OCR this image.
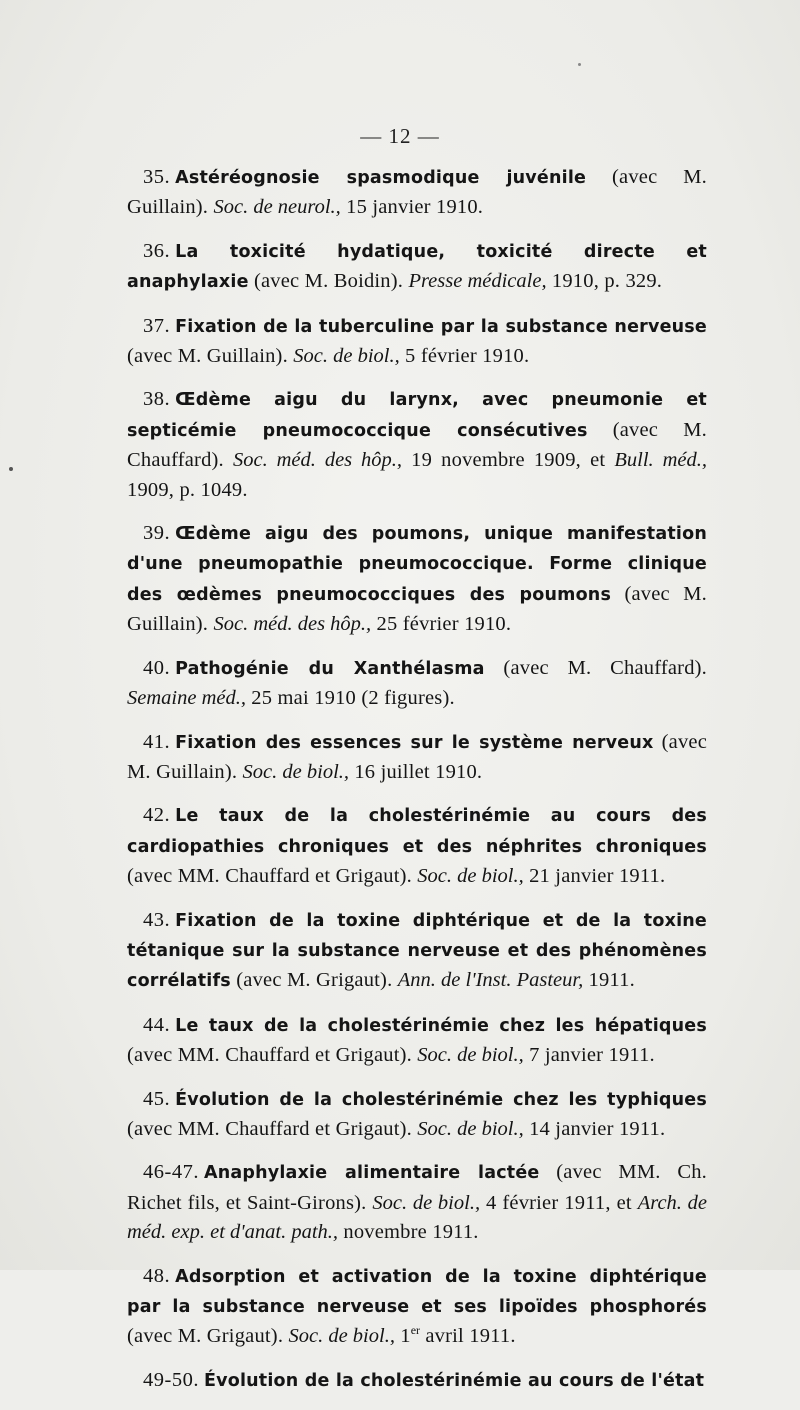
— 12 —

35. Astéréognosie spasmodique juvénile (avec M. Guillain). Soc. de neurol., 15 janvier 1910.

36. La toxicité hydatique, toxicité directe et anaphylaxie (avec M. Boidin). Presse médicale, 1910, p. 329.

37. Fixation de la tuberculine par la substance nerveuse (avec M. Guillain). Soc. de biol., 5 février 1910.

38. Œdème aigu du larynx, avec pneumonie et septicémie pneumococcique consécutives (avec M. Chauffard). Soc. méd. des hôp., 19 novembre 1909, et Bull. méd., 1909, p. 1049.

39. Œdème aigu des poumons, unique manifestation d'une pneumopathie pneumococcique. Forme clinique des œdèmes pneumococciques des poumons (avec M. Guillain). Soc. méd. des hôp., 25 février 1910.

40. Pathogénie du Xanthélasma (avec M. Chauffard). Semaine méd., 25 mai 1910 (2 figures).

41. Fixation des essences sur le système nerveux (avec M. Guillain). Soc. de biol., 16 juillet 1910.

42. Le taux de la cholestérinémie au cours des cardiopathies chroniques et des néphrites chroniques (avec MM. Chauffard et Grigaut). Soc. de biol., 21 janvier 1911.

43. Fixation de la toxine diphtérique et de la toxine tétanique sur la substance nerveuse et des phénomènes corrélatifs (avec M. Grigaut). Ann. de l'Inst. Pasteur, 1911.

44. Le taux de la cholestérinémie chez les hépatiques (avec MM. Chauffard et Grigaut). Soc. de biol., 7 janvier 1911.

45. Évolution de la cholestérinémie chez les typhiques (avec MM. Chauffard et Grigaut). Soc. de biol., 14 janvier 1911.

46-47. Anaphylaxie alimentaire lactée (avec MM. Ch. Richet fils, et Saint-Girons). Soc. de biol., 4 février 1911, et Arch. de méd. exp. et d'anat. path., novembre 1911.

48. Adsorption et activation de la toxine diphtérique par la substance nerveuse et ses lipoïdes phosphorés (avec M. Grigaut). Soc. de biol., 1er avril 1911.

49-50. Évolution de la cholestérinémie au cours de l'état
